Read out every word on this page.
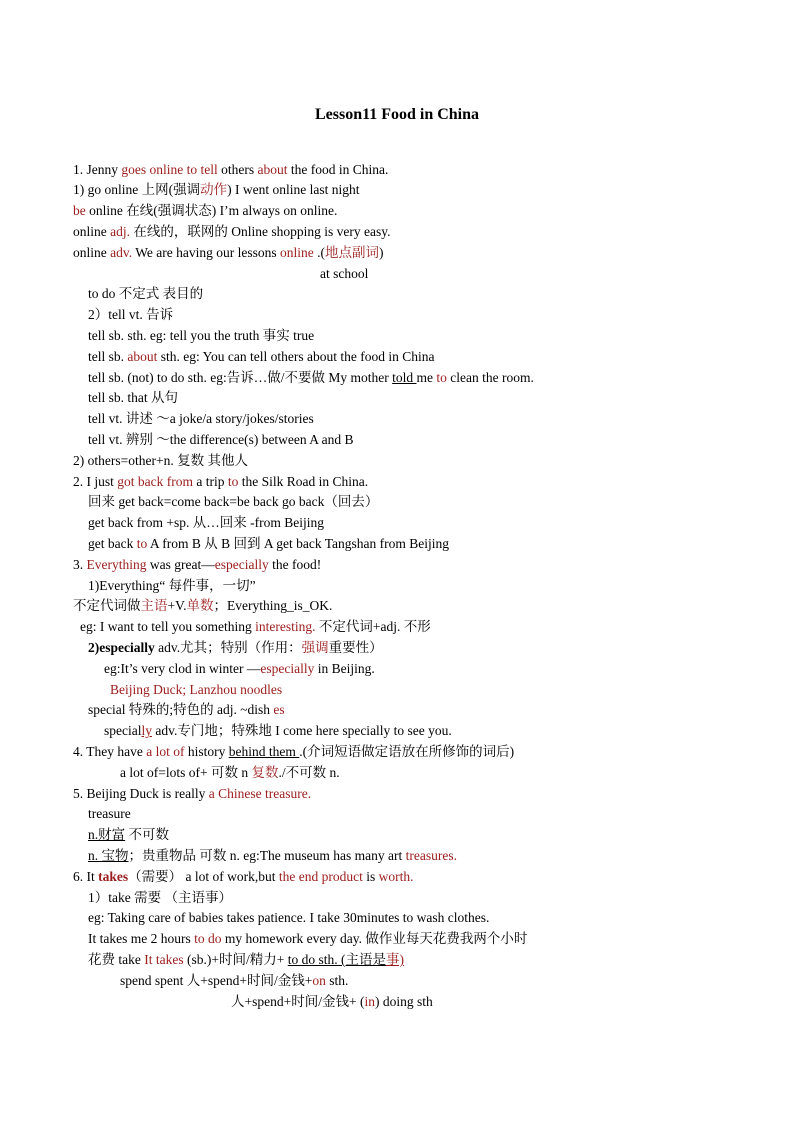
Lesson11 Food in China
1. Jenny goes online to tell others about the food in China.
1) go online 上网(强调动作) I went online last night
be online 在线(强调状态) I’m always on online.
online adj. 在线的，联网的 Online shopping is very easy.
online adv. We are having our lessons online .(地点副词)
at school
to do 不定式 表目的
2）tell vt. 告诉
tell sb. sth. eg: tell you the truth 事实 true
tell sb. about sth. eg: You can tell others about the food in China
tell sb. (not) to do sth. eg:告诉…做/不要做 My mother told me to clean the room.
tell sb. that 从句
tell vt. 讲述 ～a joke/a story/jokes/stories
tell vt. 辨别 ～the difference(s) between A and B
2) others=other+n. 复数 其他人
2. I just got back from a trip to the Silk Road in China.
回来 get back=come back=be back go back（回去）
get back from +sp. 从…回来 -from Beijing
get back to A from B 从 B 回到 A get back Tangshan from Beijing
3. Everything was great—especially the food!
1)Everything“ 每件事，一切”
不定代词做主语+V.单数；Everything_is_OK.
eg: I want to tell you something interesting. 不定代词+adj. 不形
2)especially adv.尤其；特别（作用：强调重要性）
eg:It’s very clod in winter —especially in Beijing.
Beijing Duck; Lanzhou noodles
special 特殊的;特色的 adj. ~dish es
specially adv.专门地；特殊地 I come here specially to see you.
4. They have a lot of history behind them .(介词短语做定语放在所修饰的词后)
a lot of=lots of+ 可数 n 复数./不可数 n.
5. Beijing Duck is really a Chinese treasure.
treasure
n.财富 不可数
n. 宝物；贵重物品 可数 n. eg:The museum has many art treasures.
6. It takes（需要） a lot of work,but the end product is worth.
1）take 需要 （主语事）
eg: Taking care of babies takes patience. I take 30minutes to wash clothes.
It takes me 2 hours to do my homework every day. 做作业每天花费我两个小时
花费 take It takes (sb.)+时间/精力+ to do sth. (主语是事)
spend spent 人+spend+时间/金钱+on sth.
人+spend+时间/金钱+ (in) doing sth
